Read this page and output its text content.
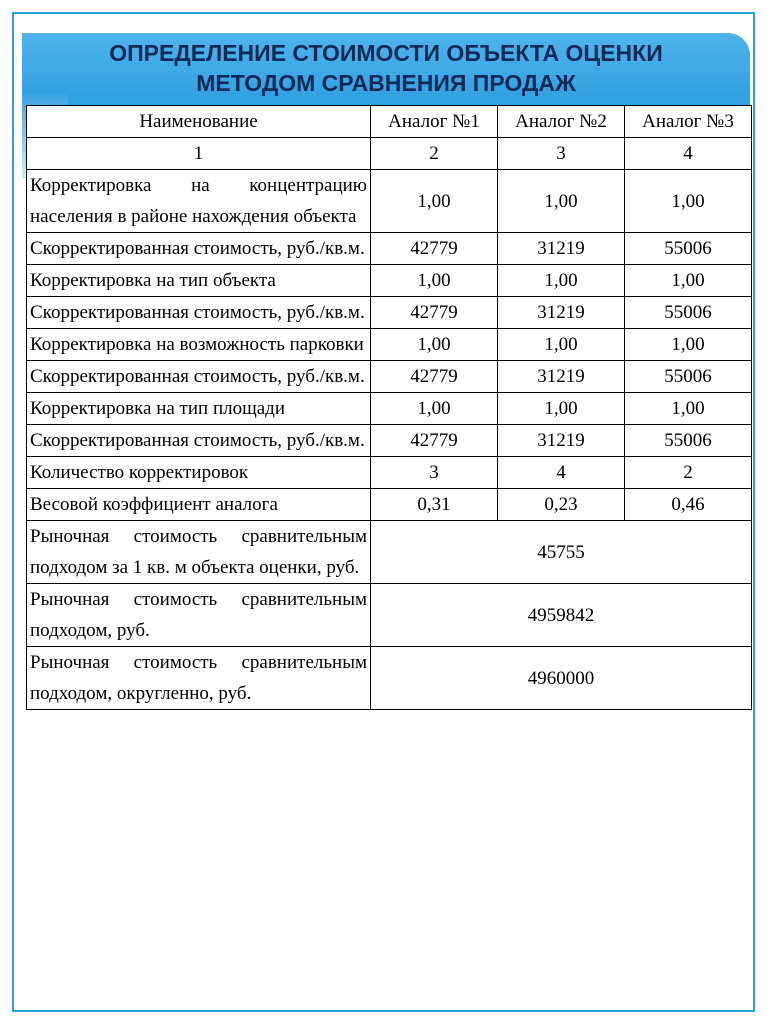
ОПРЕДЕЛЕНИЕ СТОИМОСТИ ОБЪЕКТА ОЦЕНКИ
МЕТОДОМ СРАВНЕНИЯ ПРОДАЖ
Наименование	Аналог №1	Аналог №2	Аналог №3
1	2	3	4
Корректировка на концентрацию населения в районе нахождения объекта	1,00	1,00	1,00
Скорректированная стоимость, руб./кв.м.	42779	31219	55006
Корректировка на тип объекта	1,00	1,00	1,00
Скорректированная стоимость, руб./кв.м.	42779	31219	55006
Корректировка на возможность парковки	1,00	1,00	1,00
Скорректированная стоимость, руб./кв.м.	42779	31219	55006
Корректировка на тип площади	1,00	1,00	1,00
Скорректированная стоимость, руб./кв.м.	42779	31219	55006
Количество корректировок	3	4	2
Весовой коэффициент аналога	0,31	0,23	0,46
Рыночная стоимость сравнительным подходом за 1 кв. м объекта оценки, руб.	45755		
Рыночная стоимость сравнительным подходом, руб.	4959842		
Рыночная стоимость сравнительным подходом, округленно, руб.	4960000		
